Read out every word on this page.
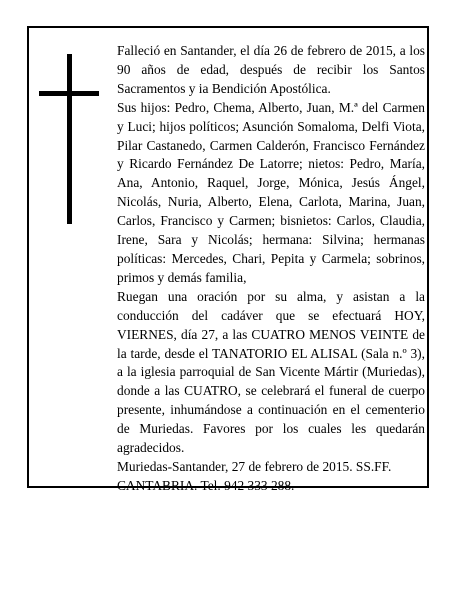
Falleció en Santander, el día 26 de febrero de 2015, a los 90 años de edad, después de recibir los Santos Sacramentos y ia Bendición Apostólica.

Sus hijos: Pedro, Chema, Alberto, Juan, M.ª del Carmen y Luci; hijos políticos; Asunción Somaloma, Delfi Viota, Pilar Castanedo, Carmen Calderón, Francisco Fernández y Ricardo Fernández De Latorre; nietos: Pedro, María, Ana, Antonio, Raquel, Jorge, Mónica, Jesús Ángel, Nicolás, Nuria, Alberto, Elena, Carlota, Marina, Juan, Carlos, Francisco y Carmen; bisnietos: Carlos, Claudia, Irene, Sara y Nicolás; hermana: Silvina; hermanas políticas: Mercedes, Chari, Pepita y Carmela; sobrinos, primos y demás familia,

Ruegan una oración por su alma, y asistan a la conducción del cadáver que se efectuará HOY, VIERNES, día 27, a las CUATRO MENOS VEINTE de la tarde, desde el TANATORIO EL ALISAL (Sala n.º 3), a la iglesia parroquial de San Vicente Mártir (Muriedas), donde a las CUATRO, se celebrará el funeral de cuerpo presente, inhumándose a continuación en el cementerio de Muriedas. Favores por los cuales les quedarán agradecidos.

Muriedas-Santander, 27 de febrero de 2015. SS.FF. CANTABRIA. Tel. 942 333 288.
